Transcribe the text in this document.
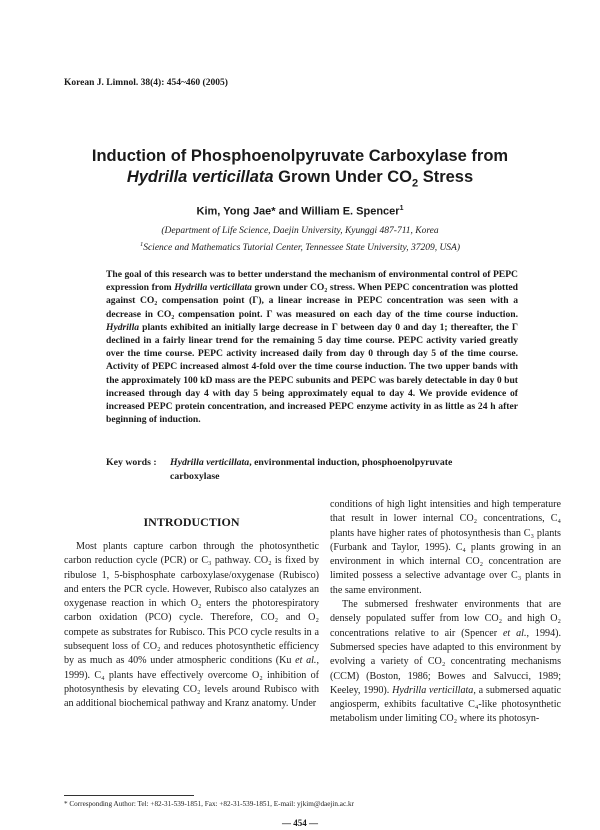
Korean J. Limnol. 38(4): 454~460 (2005)
Induction of Phosphoenolpyruvate Carboxylase from
Hydrilla verticillata Grown Under $CO_2$ Stress
Kim, Yong Jae* and William E. Spencer$^1$
(Department of Life Science, Daejin University, Kyunggi 487-711, Korea
$^1$Science and Mathematics Tutorial Center, Tennessee State University, 37209, USA)
The goal of this research was to better understand the mechanism of environmental control of PEPC expression from Hydrilla verticillata grown under CO₂ stress. When PEPC concentration was plotted against CO₂ compensation point (Γ), a linear increase in PEPC concentration was seen with a decrease in CO₂ compensation point. Γ was measured on each day of the time course induction. Hydrilla plants exhibited an initially large decrease in Γ between day 0 and day 1; thereafter, the Γ declined in a fairly linear trend for the remaining 5 day time course. PEPC activity varied greatly over the time course. PEPC activity increased daily from day 0 through day 5 of the time course. Activity of PEPC increased almost 4-fold over the time course induction. The two upper bands with the approximately 100 kD mass are the PEPC subunits and PEPC was barely detectable in day 0 but increased through day 4 with day 5 being approximately equal to day 4. We provide evidence of increased PEPC protein concentration, and increased PEPC enzyme activity in as little as 24 h after beginning of induction.
Key words : Hydrilla verticillata, environmental induction, phosphoenolpyruvate
carboxylase
INTRODUCTION

Most plants capture carbon through the photosynthetic carbon reduction cycle (PCR) or C₃ pathway. CO₂ is fixed by ribulose 1, 5-bisphosphate carboxylase/oxygenase (Rubisco) and enters the PCR cycle. However, Rubisco also catalyzes an oxygenase reaction in which O₂ enters the photorespiratory carbon oxidation (PCO) cycle. Therefore, CO₂ and O₂ compete as substrates for Rubisco. This PCO cycle results in a subsequent loss of CO₂ and reduces photosynthetic efficiency by as much as 40% under atmospheric conditions (Ku et al., 1999). C₄ plants have effectively overcome O₂ inhibition of photosynthesis by elevating CO₂ levels around Rubisco with an additional biochemical pathway and Kranz anatomy. Under

conditions of high light intensities and high temperature that result in lower internal CO₂ concentrations, C₄ plants have higher rates of photosynthesis than C₃ plants (Furbank and Taylor, 1995). C₄ plants growing in an environment in which internal CO₂ concentration are limited possess a selective advantage over C₃ plants in the same environment.

The submersed freshwater environments that are densely populated suffer from low CO₂ and high O₂ concentrations relative to air (Spencer et al., 1994). Submersed species have adapted to this environment by evolving a variety of CO₂ concentrating mechanisms (CCM) (Boston, 1986; Bowes and Salvucci, 1989; Keeley, 1990). Hydrilla verticillata, a submersed aquatic angiosperm, exhibits facultative C₄-like photosynthetic metabolism under limiting CO₂ where its photosyn-

* Corresponding Author: Tel: +82-31-539-1851, Fax: +82-31-539-1851, E-mail: yjkim@daejin.ac.kr
— 454 —
